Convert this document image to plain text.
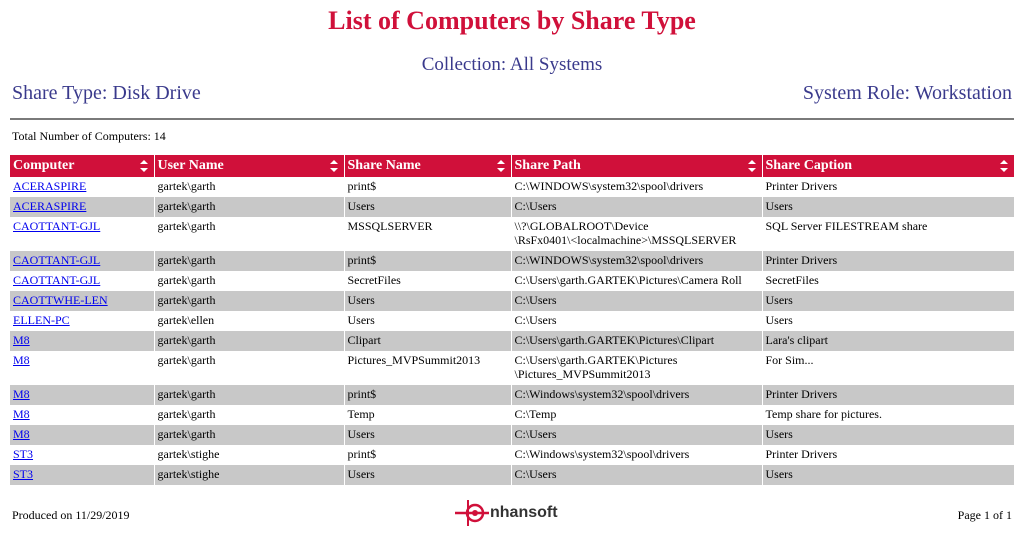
List of Computers by Share Type
Collection: All Systems
Share Type: Disk Drive	System Role: Workstation
Total Number of Computers: 14
Computer	User Name	Share Name	Share Path	Share Caption

ACERASPIRE	gartek\garth	print$	C:\WINDOWS\system32\spool\drivers	Printer Drivers
ACERASPIRE	gartek\garth	Users	C:\Users	Users
CAOTTANT-GJL	gartek\garth	MSSQLSERVER	\\?\GLOBALROOT\Device
\RsFx0401\<localmachine>\MSSQLSERVER	SQL Server FILESTREAM share
CAOTTANT-GJL	gartek\garth	print$	C:\WINDOWS\system32\spool\drivers	Printer Drivers
CAOTTANT-GJL	gartek\garth	SecretFiles	C:\Users\garth.GARTEK\Pictures\Camera Roll	SecretFiles
CAOTTWHE-LEN	gartek\garth	Users	C:\Users	Users
ELLEN-PC	gartek\ellen	Users	C:\Users	Users
M8	gartek\garth	Clipart	C:\Users\garth.GARTEK\Pictures\Clipart	Lara's clipart
M8	gartek\garth	Pictures_MVPSummit2013	C:\Users\garth.GARTEK\Pictures
\Pictures_MVPSummit2013	For Sim...
M8	gartek\garth	print$	C:\Windows\system32\spool\drivers	Printer Drivers
M8	gartek\garth	Temp	C:\Temp	Temp share for pictures.
M8	gartek\garth	Users	C:\Users	Users
ST3	gartek\stighe	print$	C:\Windows\system32\spool\drivers	Printer Drivers
ST3	gartek\stighe	Users	C:\Users	Users
Produced on 11/29/2019	nhansoft	Page 1 of 1
